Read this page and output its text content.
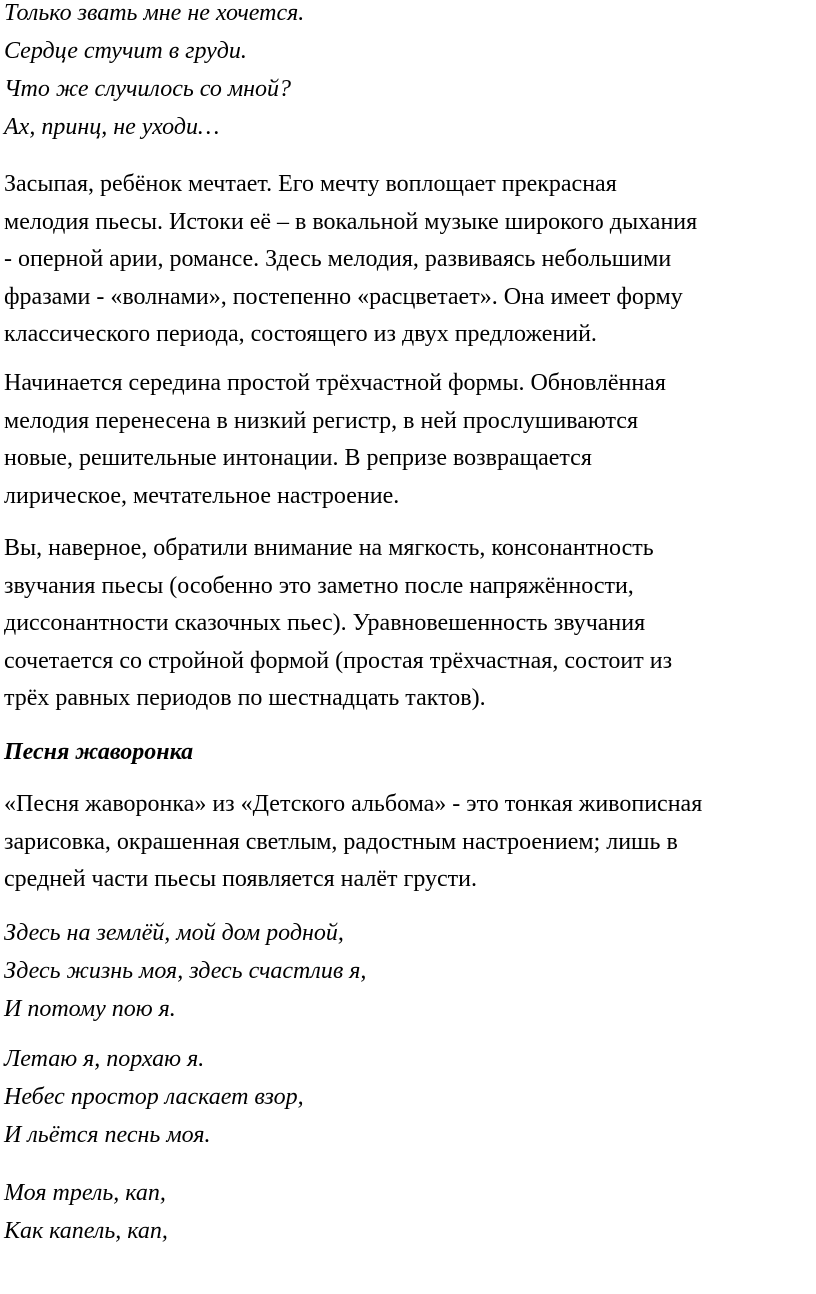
Только звать мне не хочется.
Сердце стучит в груди.
Что же случилось со мной?
Ах, принц, не уходи…

Засыпая, ребёнок мечтает. Его мечту воплощает прекрасная
мелодия пьесы. Истоки её – в вокальной музыке широкого дыхания
- оперной арии, романсе. Здесь мелодия, развиваясь небольшими
фразами - «волнами», постепенно «расцветает». Она имеет форму
классического периода, состоящего из двух предложений.

Начинается середина простой трёхчастной формы. Обновлённая
мелодия перенесена в низкий регистр, в ней прослушиваются
новые, решительные интонации. В репризе возвращается
лирическое, мечтательное настроение.

Вы, наверное, обратили внимание на мягкость, консонантность
звучания пьесы (особенно это заметно после напряжённости,
диссонантности сказочных пьес). Уравновешенность звучания
сочетается со стройной формой (простая трёхчастная, состоит из
трёх равных периодов по шестнадцать тактов).

Песня жаворонка

«Песня жаворонка» из «Детского альбома» - это тонкая живописная
зарисовка, окрашенная светлым, радостным настроением; лишь в
средней части пьесы появляется налёт грусти.

Здесь на землёй, мой дом родной,
Здесь жизнь моя, здесь счастлив я,
И потому пою я.

Летаю я, порхаю я.
Небес простор ласкает взор,
И льётся песнь моя.

Моя трель, кап,
Как капель, кап,
